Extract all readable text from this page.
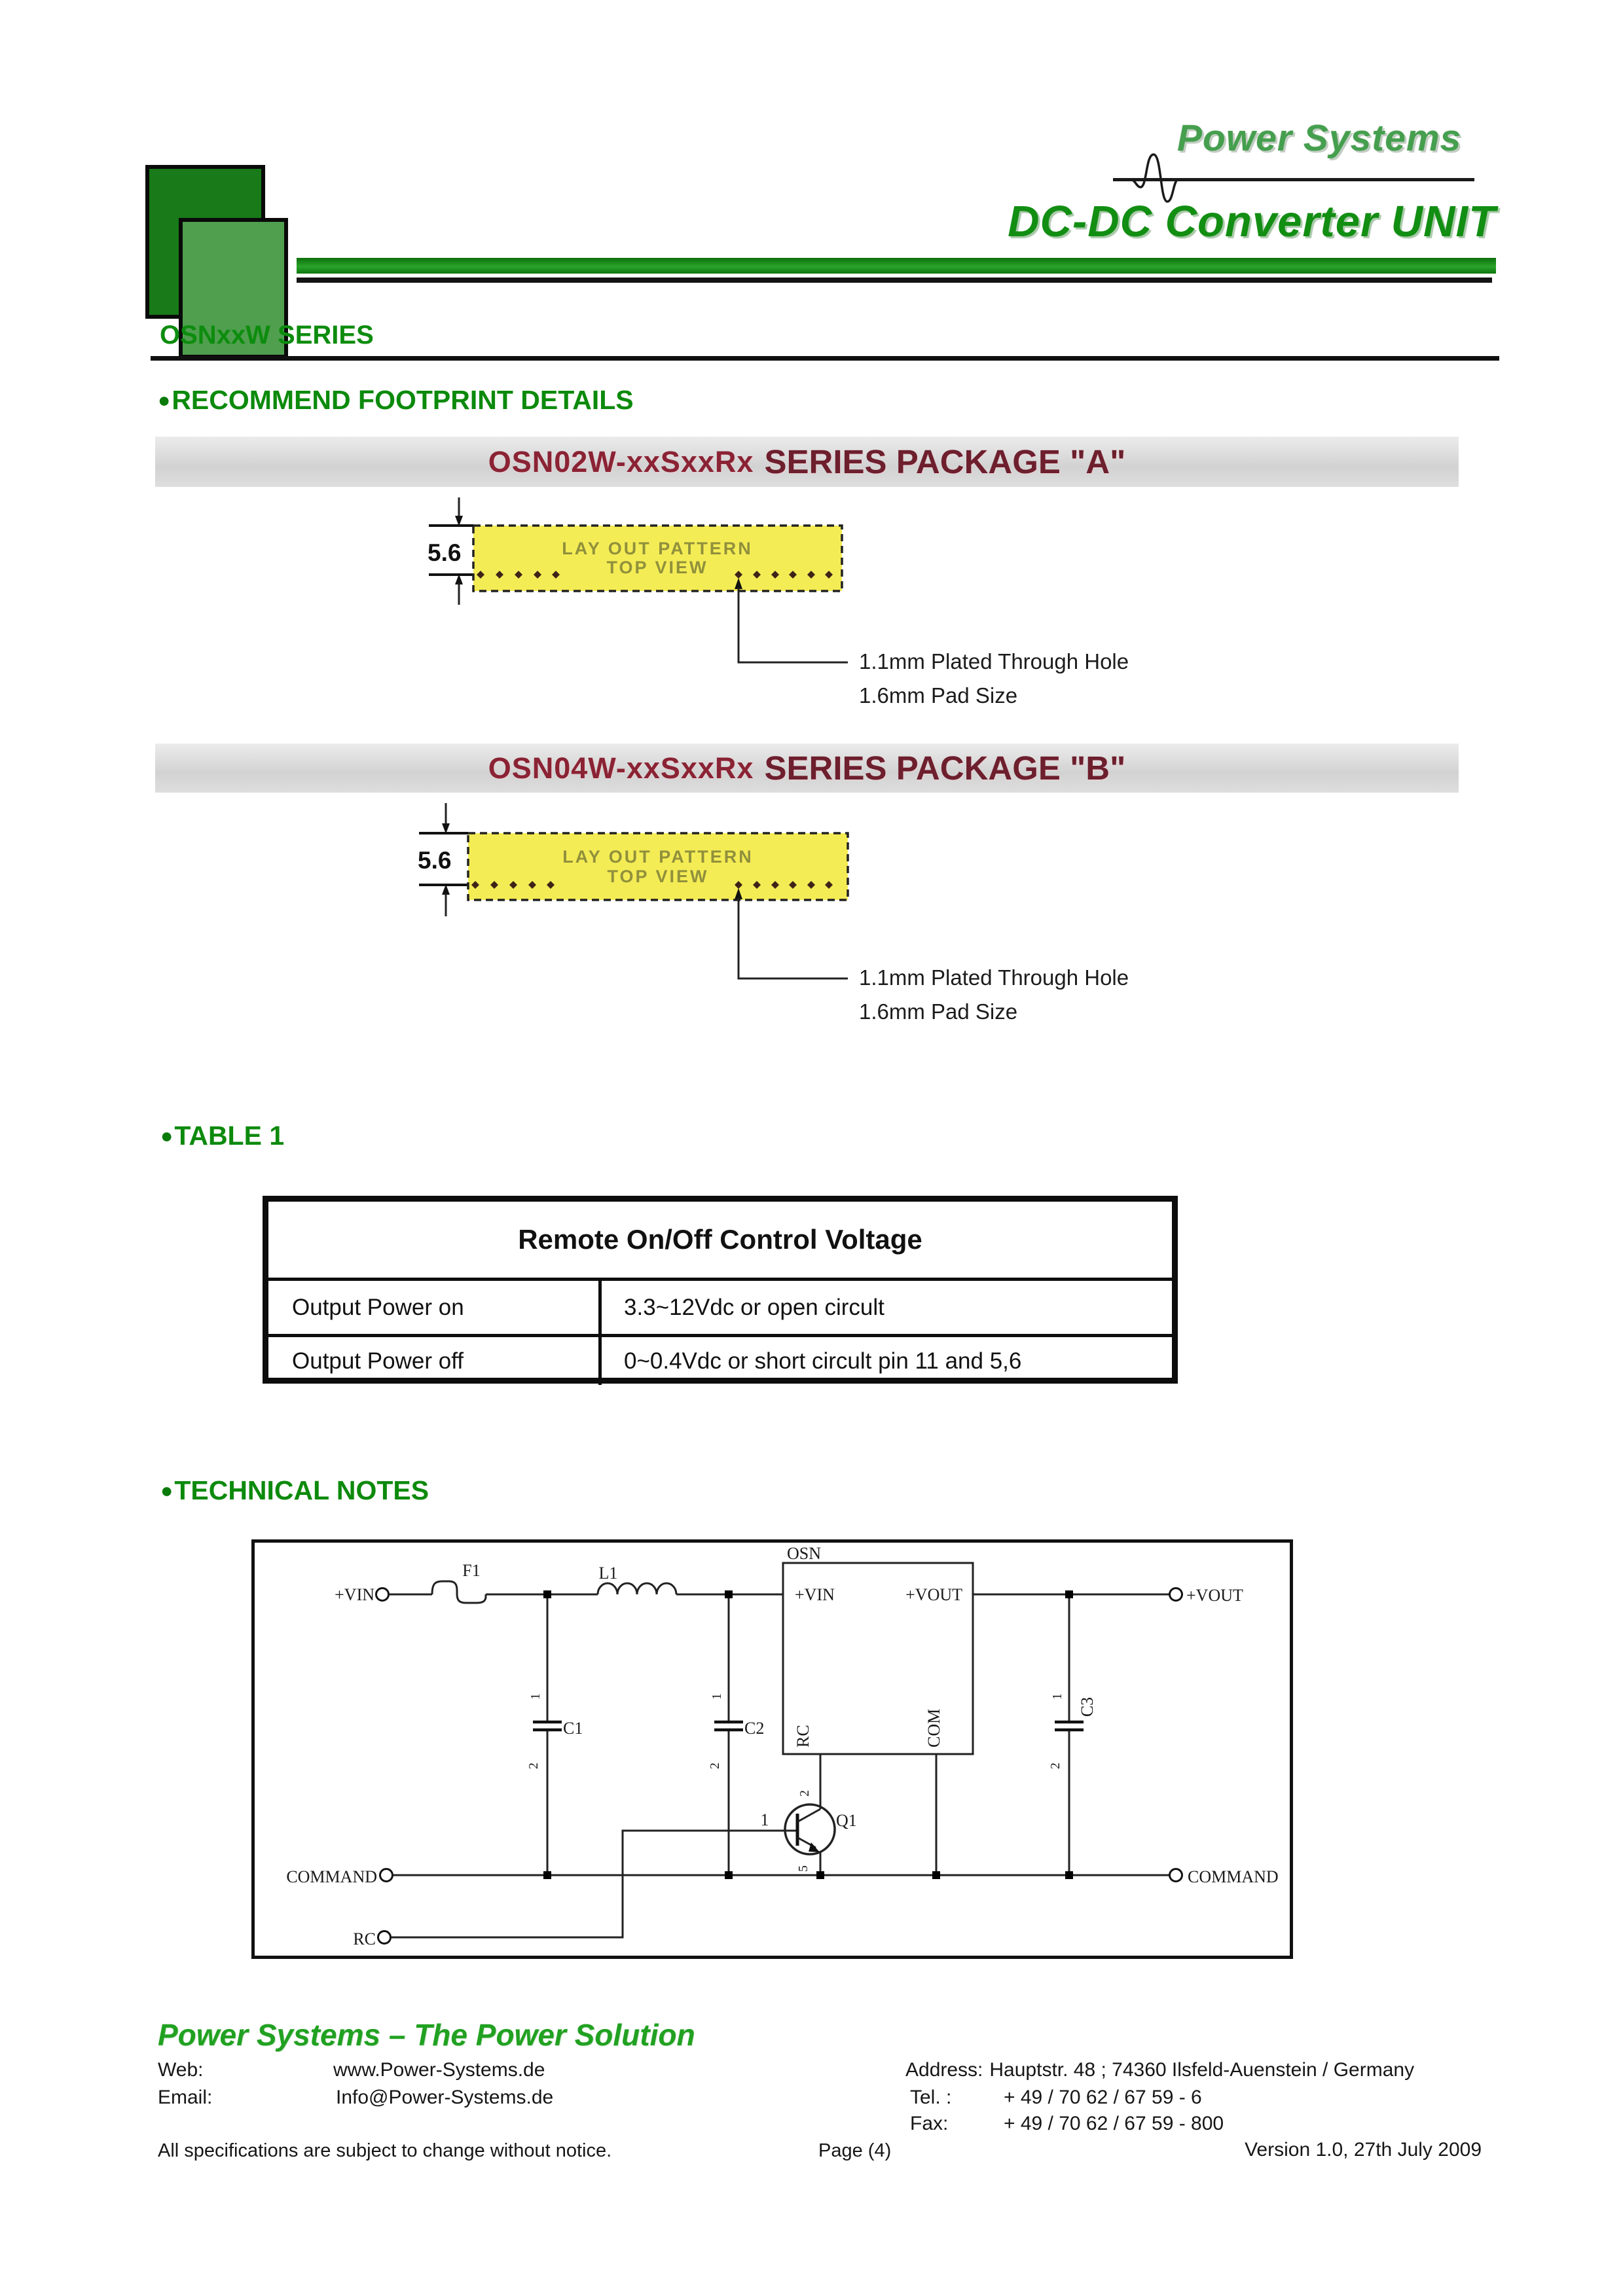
Power Systems
DC-DC Converter UNIT
OSNxxW SERIES
●RECOMMEND FOOTPRINT DETAILS
OSN02W-xxSxxRx SERIES PACKAGE "A"
5.6	LAY OUT PATTERN
TOP VIEW
1.1mm Plated Through Hole
1.6mm Pad Size
OSN04W-xxSxxRx SERIES PACKAGE "B"
5.6	LAY OUT PATTERN
TOP VIEW
1.1mm Plated Through Hole
1.6mm Pad Size
●TABLE 1
Remote On/Off Control Voltage
Output Power on	3.3~12Vdc or open circult
Output Power off	0~0.4Vdc or short circult pin 11 and 5,6
●TECHNICAL NOTES
+VIN
F1	L1
OSN
+VIN	+VOUT
RC	COM
+VOUT
C1
1
2
C2
1
2
C3
1
2
COMMAND	COMMAND
RC
1	Q1
2
5
Power Systems – The Power Solution
Web:	www.Power-Systems.de
Email:	Info@Power-Systems.de
Address: Hauptstr. 48 ; 74360 Ilsfeld-Auenstein / Germany
Tel. :	+ 49 / 70 62 / 67 59 - 6
Fax:	+ 49 / 70 62 / 67 59 - 800
All specifications are subject to change without notice.	Page (4)	Version 1.0, 27th July 2009
